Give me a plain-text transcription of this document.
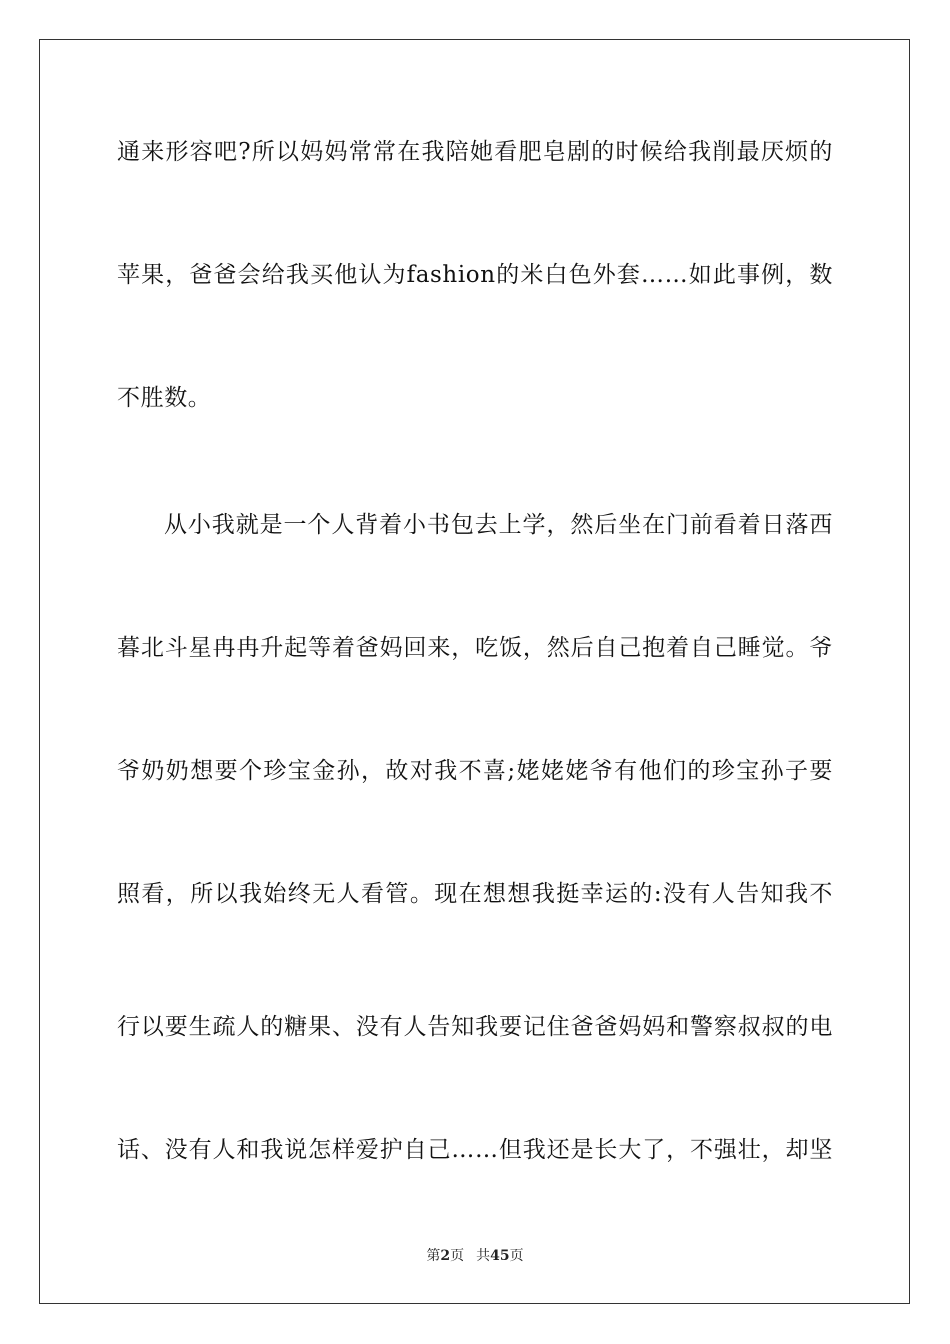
通来形容吧?所以妈妈常常在我陪她看肥皂剧的时候给我削最厌烦的
苹果，爸爸会给我买他认为fashion的米白色外套……如此事例，数
不胜数。
从小我就是一个人背着小书包去上学，然后坐在门前看着日落西
暮北斗星冉冉升起等着爸妈回来，吃饭，然后自己抱着自己睡觉。爷
爷奶奶想要个珍宝金孙，故对我不喜;姥姥姥爷有他们的珍宝孙子要
照看，所以我始终无人看管。现在想想我挺幸运的:没有人告知我不
行以要生疏人的糖果、没有人告知我要记住爸爸妈妈和警察叔叔的电
话、没有人和我说怎样爱护自己……但我还是长大了，不强壮，却坚
第2页 共45页
